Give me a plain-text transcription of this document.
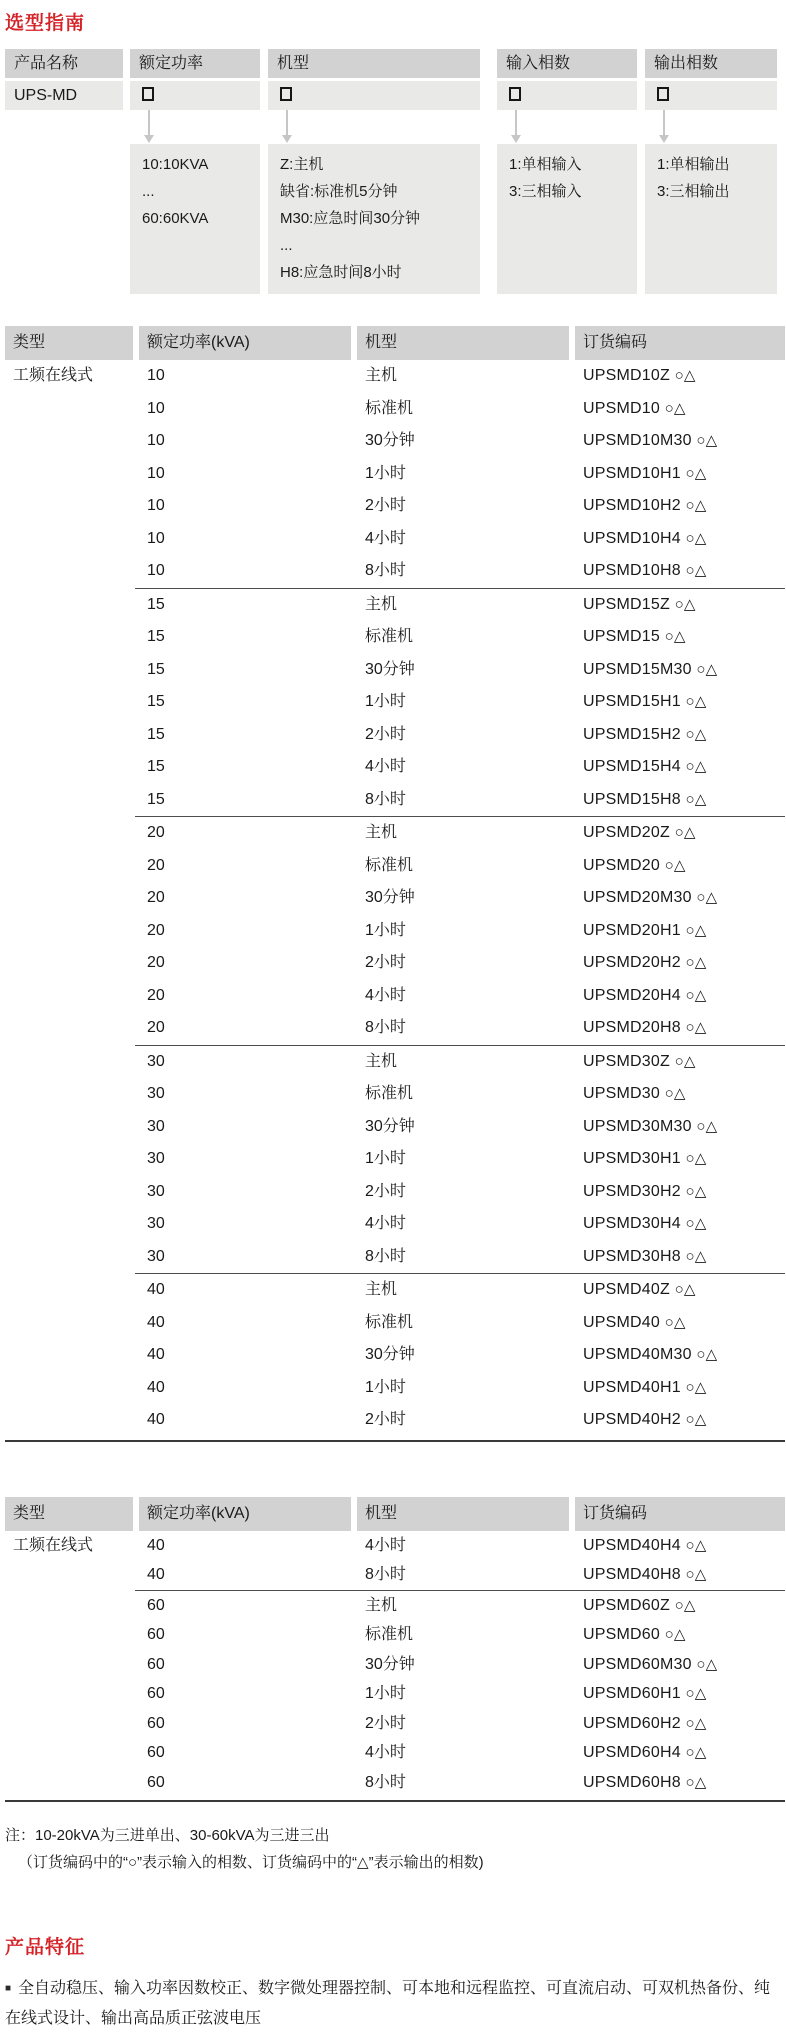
选型指南
产品名称
UPS-MD
额定功率
10:10KVA
...
60:60KVA
机型
Z:主机
缺省:标准机5分钟
M30:应急时间30分钟
...
H8:应急时间8小时
输入相数
1:单相输入
3:三相输入
输出相数
1:单相输出
3:三相输出
类型	额定功率(kVA)	机型	订货编码
工频在线式	10	主机	UPSMD10Z ○△
10	标准机	UPSMD10 ○△
10	30分钟	UPSMD10M30 ○△
10	1小时	UPSMD10H1 ○△
10	2小时	UPSMD10H2 ○△
10	4小时	UPSMD10H4 ○△
10	8小时	UPSMD10H8 ○△
15	主机	UPSMD15Z ○△
15	标准机	UPSMD15 ○△
15	30分钟	UPSMD15M30 ○△
15	1小时	UPSMD15H1 ○△
15	2小时	UPSMD15H2 ○△
15	4小时	UPSMD15H4 ○△
15	8小时	UPSMD15H8 ○△
20	主机	UPSMD20Z ○△
20	标准机	UPSMD20 ○△
20	30分钟	UPSMD20M30 ○△
20	1小时	UPSMD20H1 ○△
20	2小时	UPSMD20H2 ○△
20	4小时	UPSMD20H4 ○△
20	8小时	UPSMD20H8 ○△
30	主机	UPSMD30Z ○△
30	标准机	UPSMD30 ○△
30	30分钟	UPSMD30M30 ○△
30	1小时	UPSMD30H1 ○△
30	2小时	UPSMD30H2 ○△
30	4小时	UPSMD30H4 ○△
30	8小时	UPSMD30H8 ○△
40	主机	UPSMD40Z ○△
40	标准机	UPSMD40 ○△
40	30分钟	UPSMD40M30 ○△
40	1小时	UPSMD40H1 ○△
40	2小时	UPSMD40H2 ○△
类型	额定功率(kVA)	机型	订货编码
工频在线式	40	4小时	UPSMD40H4 ○△
40	8小时	UPSMD40H8 ○△
60	主机	UPSMD60Z ○△
60	标准机	UPSMD60 ○△
60	30分钟	UPSMD60M30 ○△
60	1小时	UPSMD60H1 ○△
60	2小时	UPSMD60H2 ○△
60	4小时	UPSMD60H4 ○△
60	8小时	UPSMD60H8 ○△
注：10-20kVA为三进单出、30-60kVA为三进三出
（订货编码中的“○”表示输入的相数、订货编码中的“△”表示输出的相数)
产品特征
■ 全自动稳压、输入功率因数校正、数字微处理器控制、可本地和远程监控、可直流启动、可双机热备份、纯在线式设计、输出高品质正弦波电压
